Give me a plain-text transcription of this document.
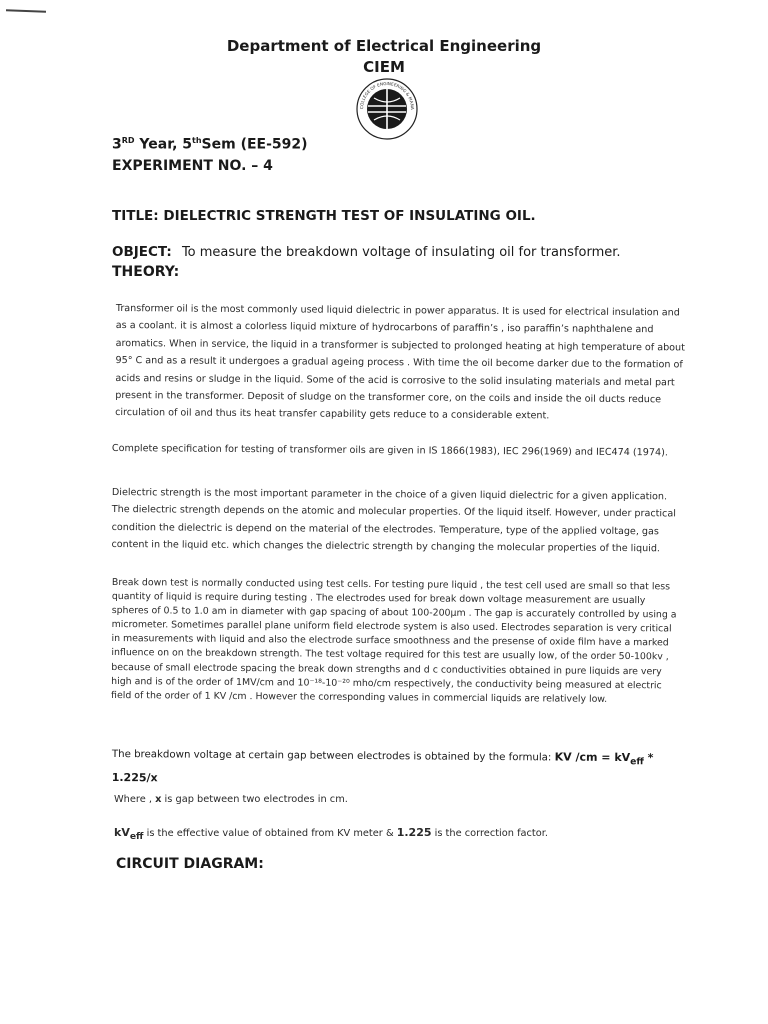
Department of Electrical Engineering
CIEM
COLLEGE OF ENGINEERING & MANA
3RD Year, 5thSem (EE-592)
EXPERIMENT NO. – 4
TITLE: DIELECTRIC STRENGTH TEST OF INSULATING OIL.
OBJECT: To measure the breakdown voltage of insulating oil for transformer.
THEORY:
Transformer oil is the most commonly used liquid dielectric in power apparatus. It is used for electrical insulation and as a coolant. it is almost a colorless liquid mixture of hydrocarbons of paraffin’s , iso paraffin’s naphthalene and aromatics. When in service, the liquid in a transformer is subjected to prolonged heating at high temperature of about 95° C and as a result it undergoes a gradual ageing process . With time the oil become darker due to the formation of acids and resins or sludge in the liquid. Some of the acid is corrosive to the solid insulating materials and metal part present in the transformer. Deposit of sludge on the transformer core, on the coils and inside the oil ducts reduce circulation of oil and thus its heat transfer capability gets reduce to a considerable extent.
Complete specification for testing of transformer oils are given in IS 1866(1983), IEC 296(1969) and IEC474 (1974).
Dielectric strength is the most important parameter in the choice of a given liquid dielectric for a given application. The dielectric strength depends on the atomic and molecular properties. Of the liquid itself. However, under practical condition the dielectric is depend on the material of the electrodes. Temperature, type of the applied voltage, gas content in the liquid etc. which changes the dielectric strength by changing the molecular properties of the liquid.
Break down test is normally conducted using test cells. For testing pure liquid , the test cell used are small so that less quantity of liquid is require during testing . The electrodes used for break down voltage measurement are usually spheres of 0.5 to 1.0 am in diameter with gap spacing of about 100-200µm . The gap is accurately controlled by using a micrometer. Sometimes parallel plane uniform field electrode system is also used. Electrodes separation is very critical in measurements with liquid and also the electrode surface smoothness and the presense of oxide film have a marked influence on on the breakdown strength. The test voltage required for this test are usually low, of the order 50-100kv , because of small electrode spacing the break down strengths and d c conductivities obtained in pure liquids are very high and is of the order of 1MV/cm and 10⁻¹⁸-10⁻²⁰ mho/cm respectively, the conductivity being measured at electric field of the order of 1 KV /cm . However the corresponding values in commercial liquids are relatively low.
The breakdown voltage at certain gap between electrodes is obtained by the formula: KV $/cm = kV_{eff}$ *
1.225/x
Where , x is gap between two electrodes in cm.
$kV_{eff}$ is the effective value of obtained from KV meter & 1.225 is the correction factor.
CIRCUIT DIAGRAM:
